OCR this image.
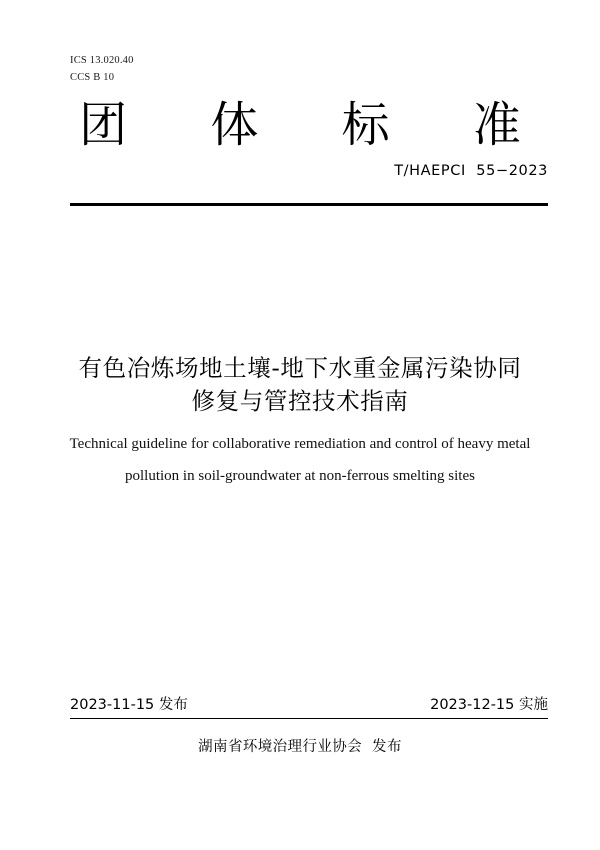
ICS 13.020.40
CCS B 10
团 体 标 准
T/HAEPCI  55−2023
有色冶炼场地土壤-地下水重金属污染协同
修复与管控技术指南
Technical guideline for collaborative remediation and control of heavy metal
pollution in soil-groundwater at non-ferrous smelting sites
2023-11-15 发布	2023-12-15 实施
湖南省环境治理行业协会  发布
